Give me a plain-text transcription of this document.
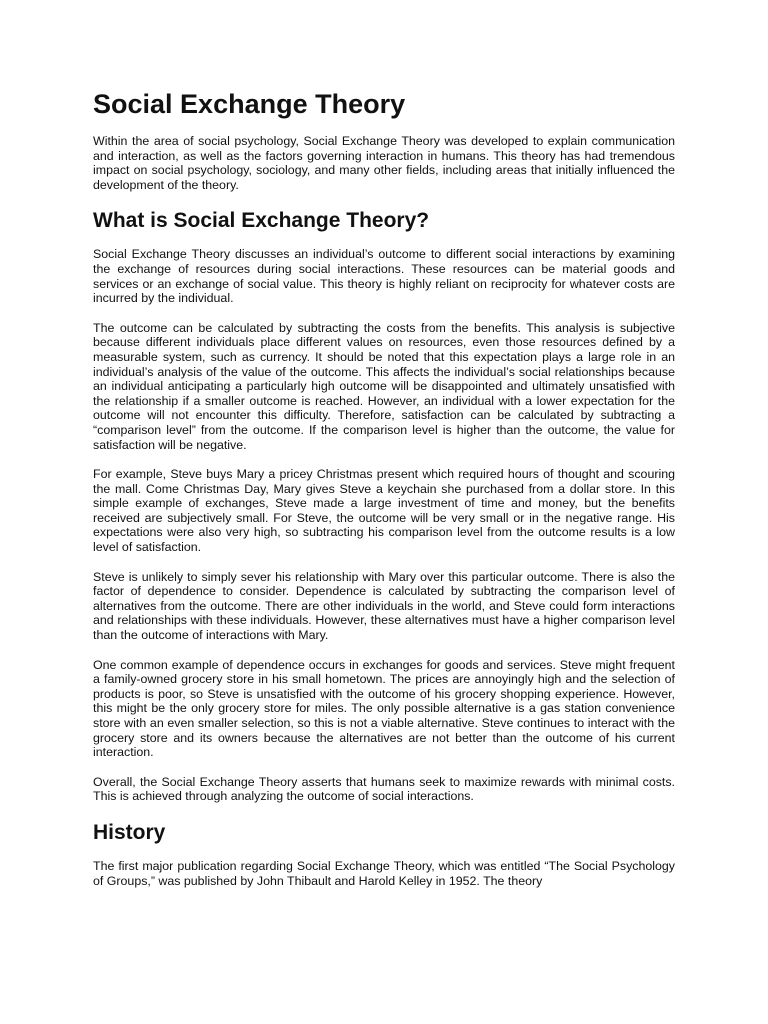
Social Exchange Theory

Within the area of social psychology, Social Exchange Theory was developed to explain communication and interaction, as well as the factors governing interaction in humans. This theory has had tremendous impact on social psychology, sociology, and many other fields, including areas that initially influenced the development of the theory.

What is Social Exchange Theory?

Social Exchange Theory discusses an individual’s outcome to different social interactions by examining the exchange of resources during social interactions. These resources can be material goods and services or an exchange of social value. This theory is highly reliant on reciprocity for whatever costs are incurred by the individual.

The outcome can be calculated by subtracting the costs from the benefits. This analysis is subjective because different individuals place different values on resources, even those resources defined by a measurable system, such as currency. It should be noted that this expectation plays a large role in an individual’s analysis of the value of the outcome. This affects the individual’s social relationships because an individual anticipating a particularly high outcome will be disappointed and ultimately unsatisfied with the relationship if a smaller outcome is reached. However, an individual with a lower expectation for the outcome will not encounter this difficulty. Therefore, satisfaction can be calculated by subtracting a “comparison level” from the outcome. If the comparison level is higher than the outcome, the value for satisfaction will be negative.

For example, Steve buys Mary a pricey Christmas present which required hours of thought and scouring the mall. Come Christmas Day, Mary gives Steve a keychain she purchased from a dollar store. In this simple example of exchanges, Steve made a large investment of time and money, but the benefits received are subjectively small. For Steve, the outcome will be very small or in the negative range. His expectations were also very high, so subtracting his comparison level from the outcome results is a low level of satisfaction.

Steve is unlikely to simply sever his relationship with Mary over this particular outcome. There is also the factor of dependence to consider. Dependence is calculated by subtracting the comparison level of alternatives from the outcome. There are other individuals in the world, and Steve could form interactions and relationships with these individuals. However, these alternatives must have a higher comparison level than the outcome of interactions with Mary.

One common example of dependence occurs in exchanges for goods and services. Steve might frequent a family-owned grocery store in his small hometown. The prices are annoyingly high and the selection of products is poor, so Steve is unsatisfied with the outcome of his grocery shopping experience. However, this might be the only grocery store for miles. The only possible alternative is a gas station convenience store with an even smaller selection, so this is not a viable alternative. Steve continues to interact with the grocery store and its owners because the alternatives are not better than the outcome of his current interaction.

Overall, the Social Exchange Theory asserts that humans seek to maximize rewards with minimal costs. This is achieved through analyzing the outcome of social interactions.

History

The first major publication regarding Social Exchange Theory, which was entitled “The Social Psychology of Groups,” was published by John Thibault and Harold Kelley in 1952. The theory
